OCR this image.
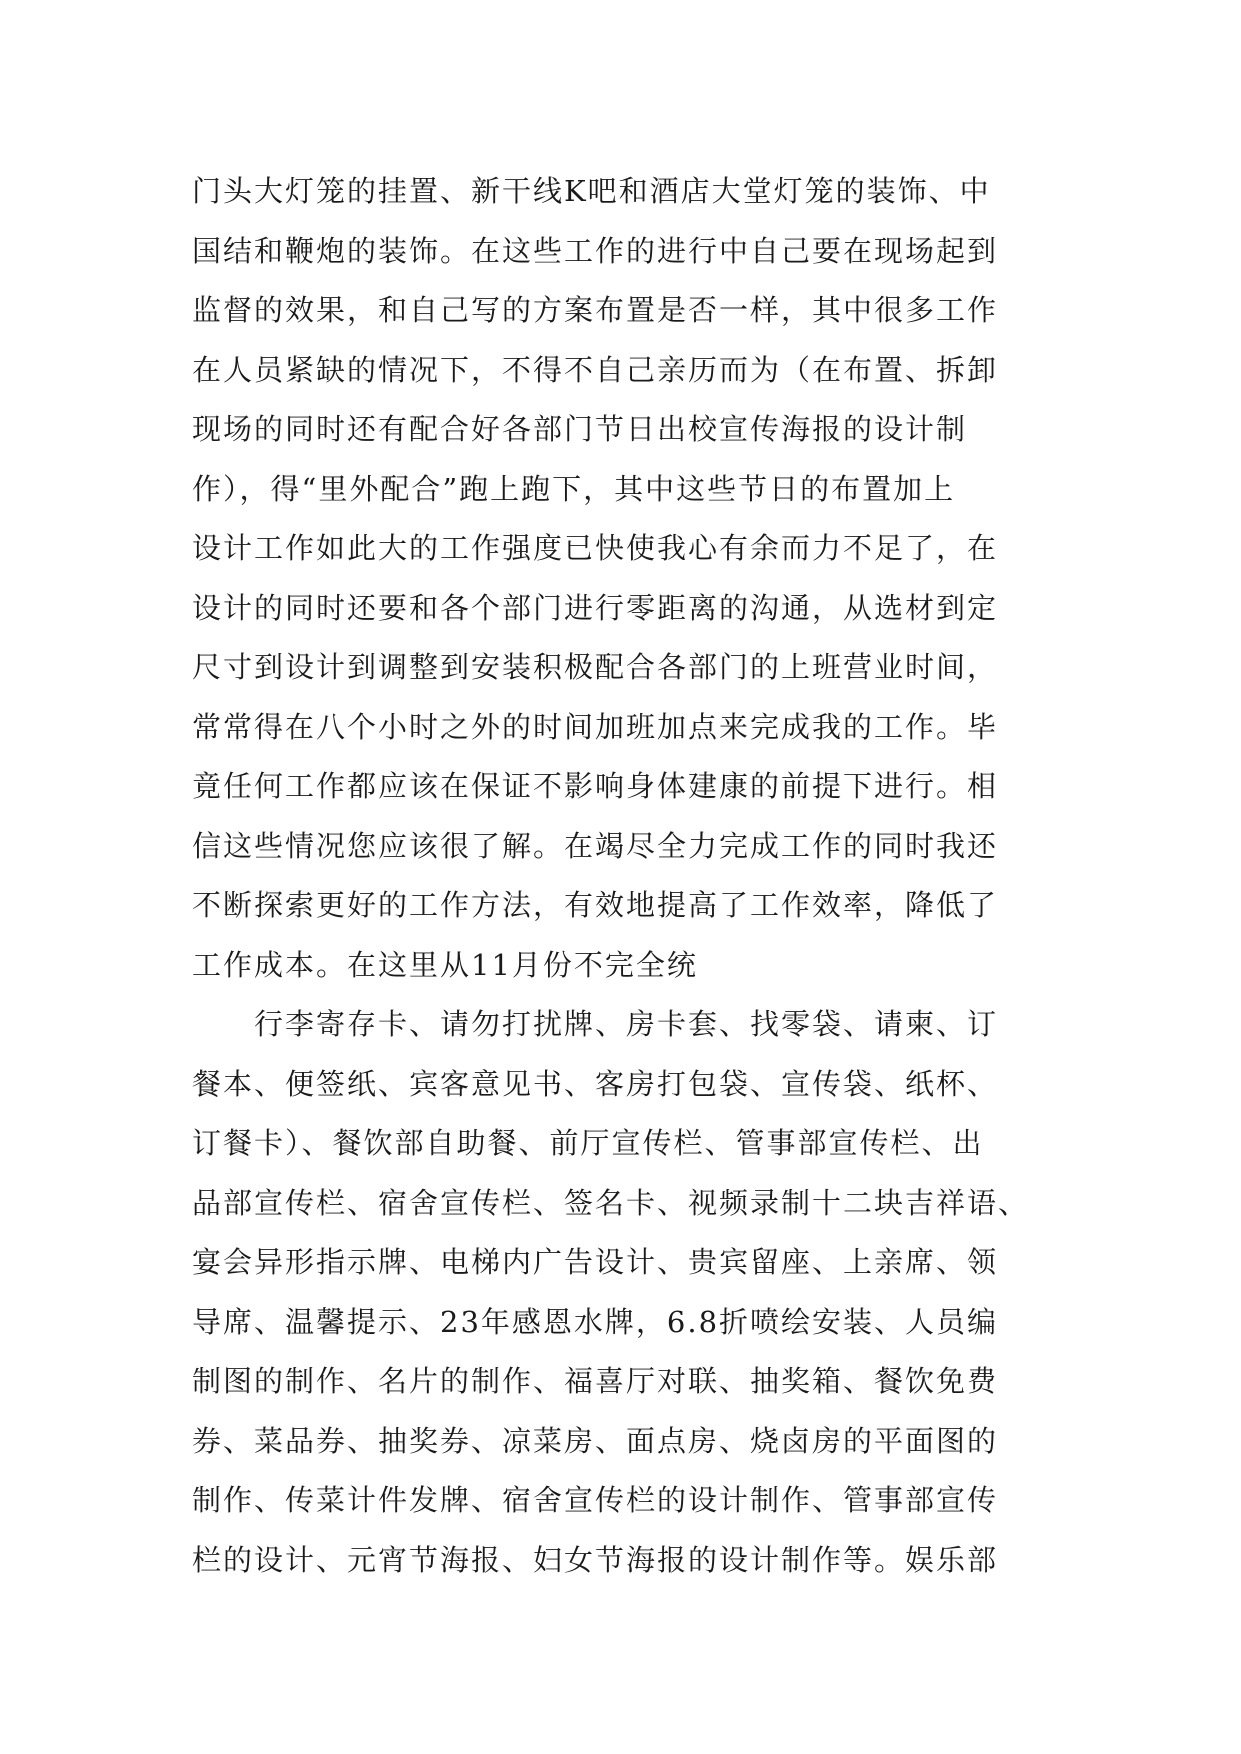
门头大灯笼的挂置、新干线K吧和酒店大堂灯笼的装饰、中
国结和鞭炮的装饰。在这些工作的进行中自己要在现场起到
监督的效果，和自己写的方案布置是否一样，其中很多工作
在人员紧缺的情况下，不得不自己亲历而为（在布置、拆卸
现场的同时还有配合好各部门节日出校宣传海报的设计制
作），得“里外配合”跑上跑下，其中这些节日的布置加上
设计工作如此大的工作强度已快使我心有余而力不足了，在
设计的同时还要和各个部门进行零距离的沟通，从选材到定
尺寸到设计到调整到安装积极配合各部门的上班营业时间，
常常得在八个小时之外的时间加班加点来完成我的工作。毕
竟任何工作都应该在保证不影响身体建康的前提下进行。相
信这些情况您应该很了解。在竭尽全力完成工作的同时我还
不断探索更好的工作方法，有效地提高了工作效率，降低了
工作成本。在这里从11月份不完全统
行李寄存卡、请勿打扰牌、房卡套、找零袋、请柬、订
餐本、便签纸、宾客意见书、客房打包袋、宣传袋、纸杯、
订餐卡）、餐饮部自助餐、前厅宣传栏、管事部宣传栏、出
品部宣传栏、宿舍宣传栏、签名卡、视频录制十二块吉祥语、
宴会异形指示牌、电梯内广告设计、贵宾留座、上亲席、领
导席、温馨提示、23年感恩水牌，6.8折喷绘安装、人员编
制图的制作、名片的制作、福喜厅对联、抽奖箱、餐饮免费
券、菜品券、抽奖券、凉菜房、面点房、烧卤房的平面图的
制作、传菜计件发牌、宿舍宣传栏的设计制作、管事部宣传
栏的设计、元宵节海报、妇女节海报的设计制作等。娱乐部
